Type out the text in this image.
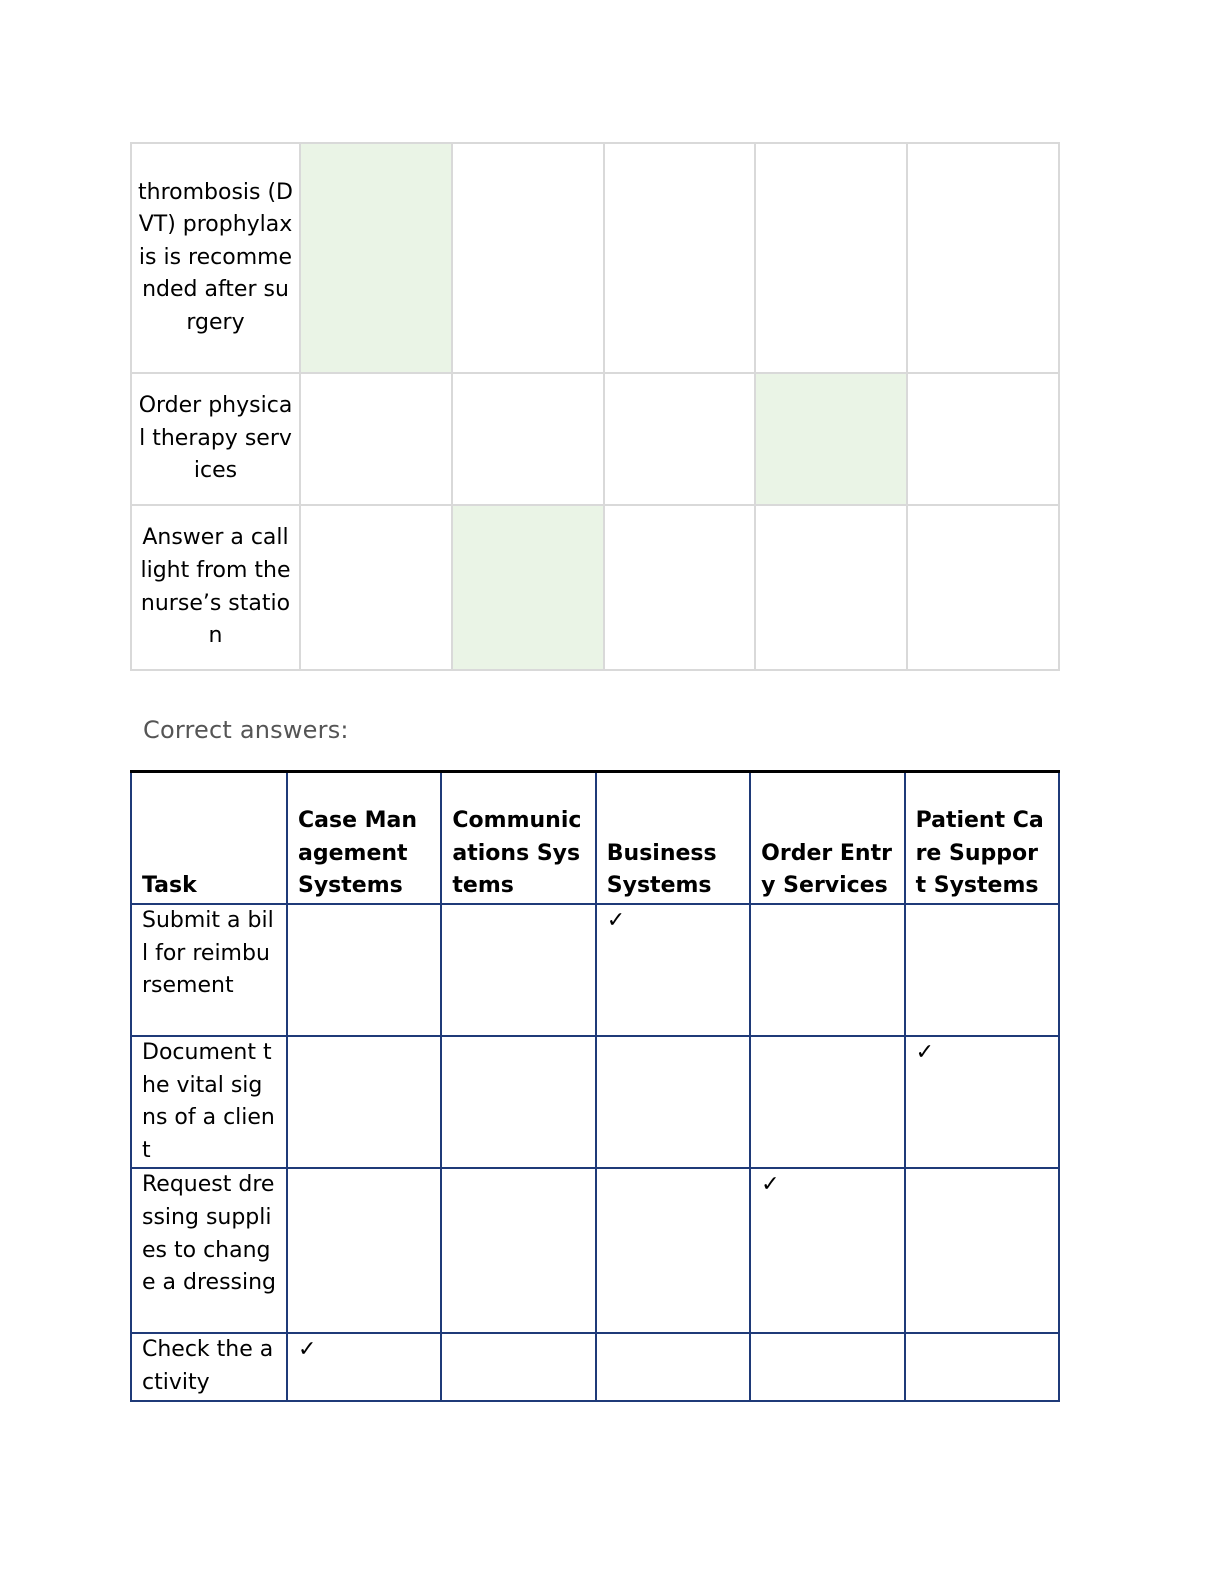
thrombosis (DVT) prophylaxis is recommended after surgery					
Order physical therapy services					
Answer a call light from the nurse’s station					
Correct answers:
Task	Case Management Systems	Communications Systems	Business Systems	Order Entry Services	Patient Care Support Systems
Submit a bill for reimbursement			✓		
Document the vital signs of a client					✓
Request dressing supplies to change a dressing				✓	
Check the activity	✓				
